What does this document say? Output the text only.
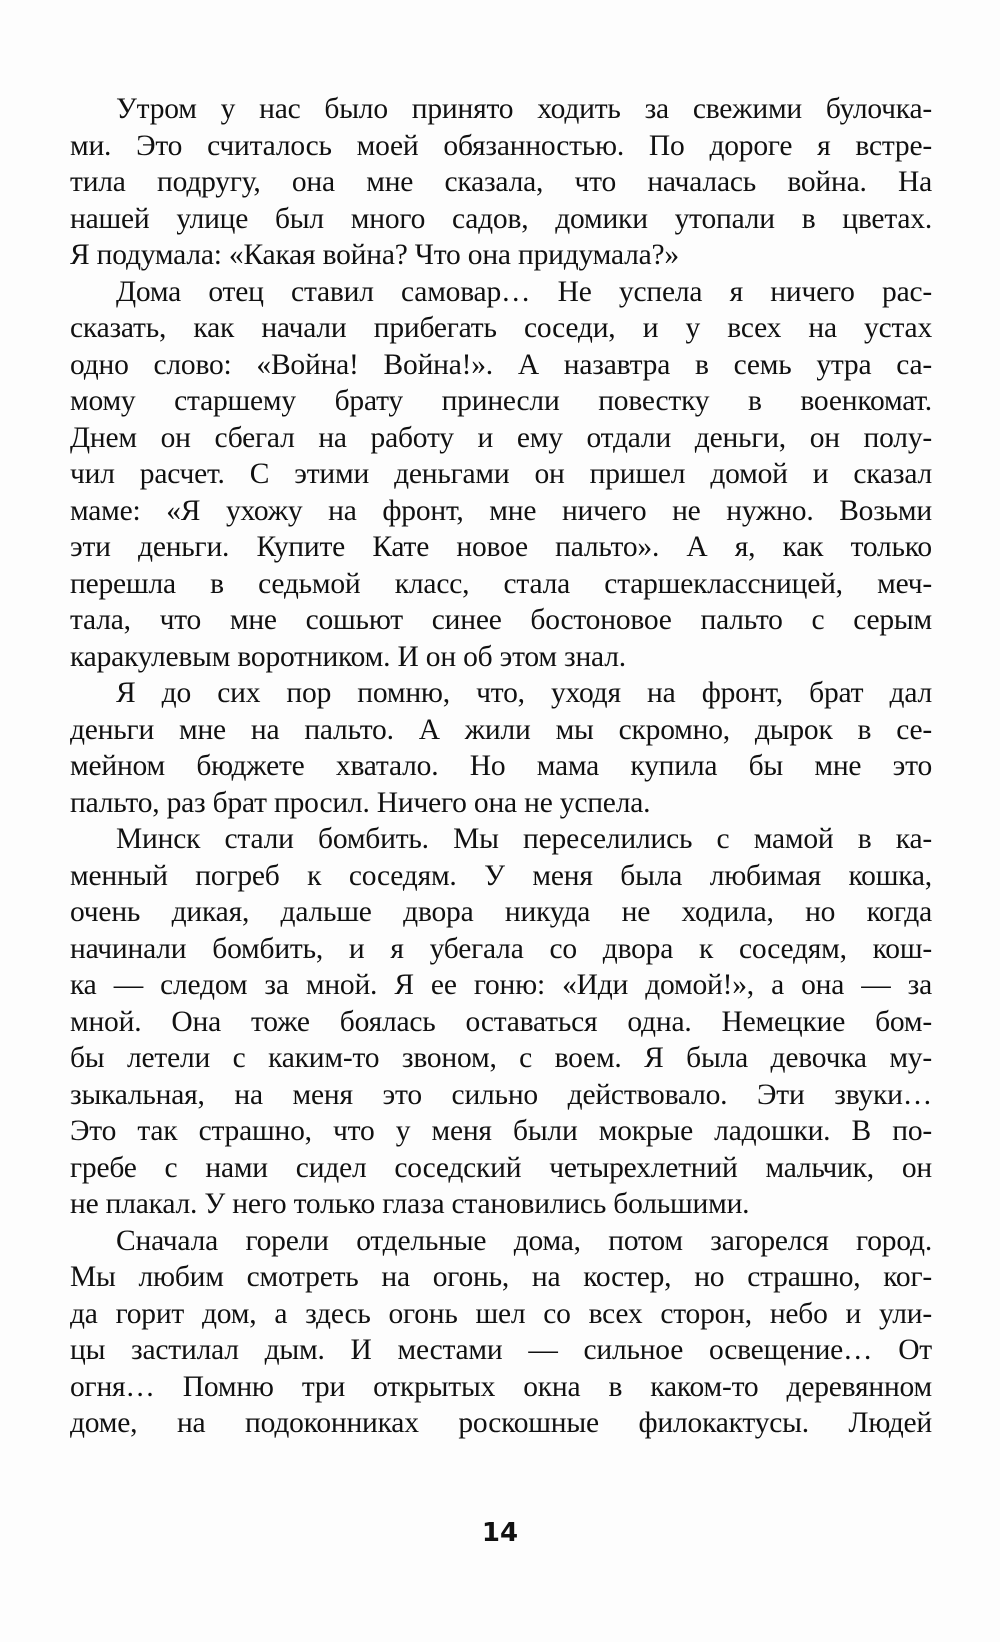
Утром у нас было принято ходить за свежими булочка-
ми. Это считалось моей обязанностью. По дороге я встре-
тила подругу, она мне сказала, что началась война. На
нашей улице был много садов, домики утопали в цветах.
Я подумала: «Какая война? Что она придумала?»
Дома отец ставил самовар… Не успела я ничего рас-
сказать, как начали прибегать соседи, и у всех на устах
одно слово: «Война! Война!». А назавтра в семь утра са-
мому старшему брату принесли повестку в военкомат.
Днем он сбегал на работу и ему отдали деньги, он полу-
чил расчет. С этими деньгами он пришел домой и сказал
маме: «Я ухожу на фронт, мне ничего не нужно. Возьми
эти деньги. Купите Кате новое пальто». А я, как только
перешла в седьмой класс, стала старшеклассницей, меч-
тала, что мне сошьют синее бостоновое пальто с серым
каракулевым воротником. И он об этом знал.
Я до сих пор помню, что, уходя на фронт, брат дал
деньги мне на пальто. А жили мы скромно, дырок в се-
мейном бюджете хватало. Но мама купила бы мне это
пальто, раз брат просил. Ничего она не успела.
Минск стали бомбить. Мы переселились с мамой в ка-
менный погреб к соседям. У меня была любимая кошка,
очень дикая, дальше двора никуда не ходила, но когда
начинали бомбить, и я убегала со двора к соседям, кош-
ка — следом за мной. Я ее гоню: «Иди домой!», а она — за
мной. Она тоже боялась оставаться одна. Немецкие бом-
бы летели с каким-то звоном, с воем. Я была девочка му-
зыкальная, на меня это сильно действовало. Эти звуки…
Это так страшно, что у меня были мокрые ладошки. В по-
гребе с нами сидел соседский четырехлетний мальчик, он
не плакал. У него только глаза становились большими.
Сначала горели отдельные дома, потом загорелся город.
Мы любим смотреть на огонь, на костер, но страшно, ког-
да горит дом, а здесь огонь шел со всех сторон, небо и ули-
цы застилал дым. И местами — сильное освещение… От
огня… Помню три открытых окна в каком-то деревянном
доме, на подоконниках роскошные филокактусы. Людей
14
